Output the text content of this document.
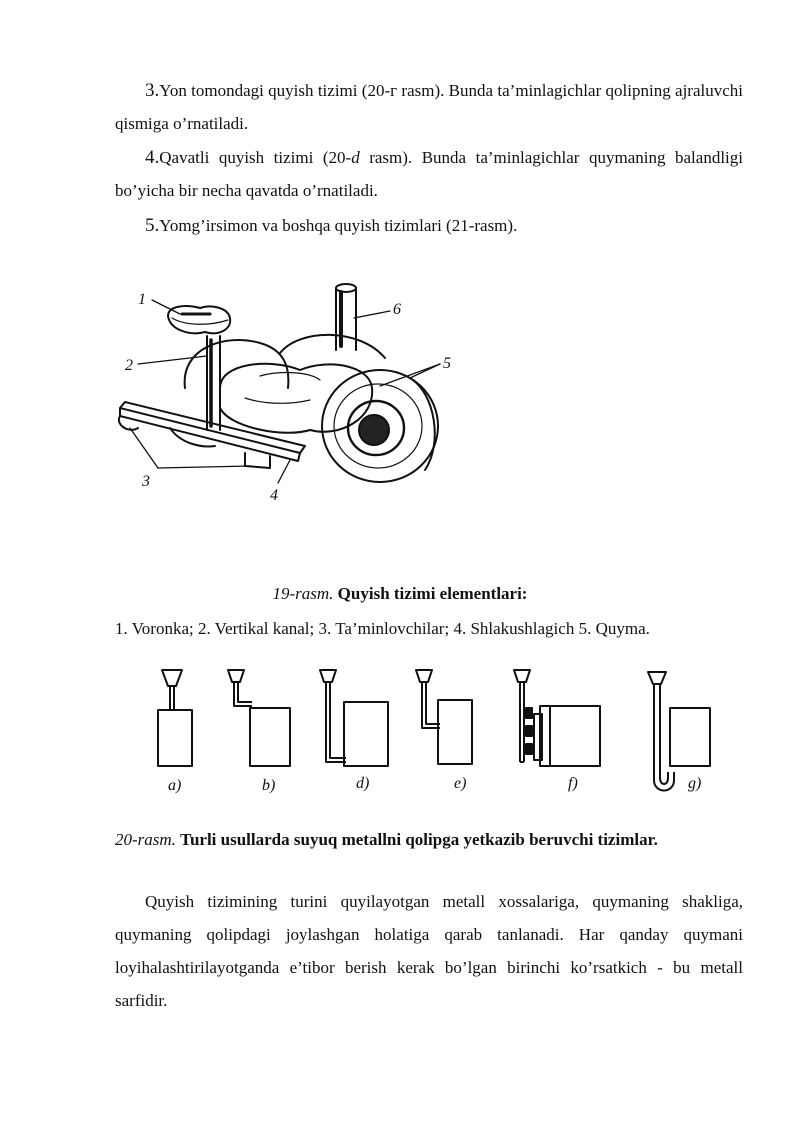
3.Yon tomondagi quyish tizimi (20-г rasm). Bunda ta’minlagichlar qolipning ajraluvchi qismiga o’rnatiladi.

4.Qavatli quyish tizimi (20-d rasm). Bunda ta’minlagichlar quymaning balandligi bo’yicha bir necha qavatda o’rnatiladi.

5.Yomg’irsimon va boshqa quyish tizimlari (21-rasm).

1
2
3
4
5
6
19-rasm. Quyish tizimi elementlari:
1. Voronka; 2. Vertikal kanal; 3. Ta’minlovchilar; 4. Shlakushlagich 5. Quyma.
a)	b)	d)	e)	f)	g)
20-rasm. Turli usullarda suyuq metallni qolipga yetkazib beruvchi tizimlar.

Quyish tizimining turini quyilayotgan metall xossalariga, quymaning shakliga, quymaning qolipdagi joylashgan holatiga qarab tanlanadi. Har qanday quymani loyihalashtirilayotganda e’tibor berish kerak bo’lgan birinchi ko’rsatkich - bu metall sarfidir.
